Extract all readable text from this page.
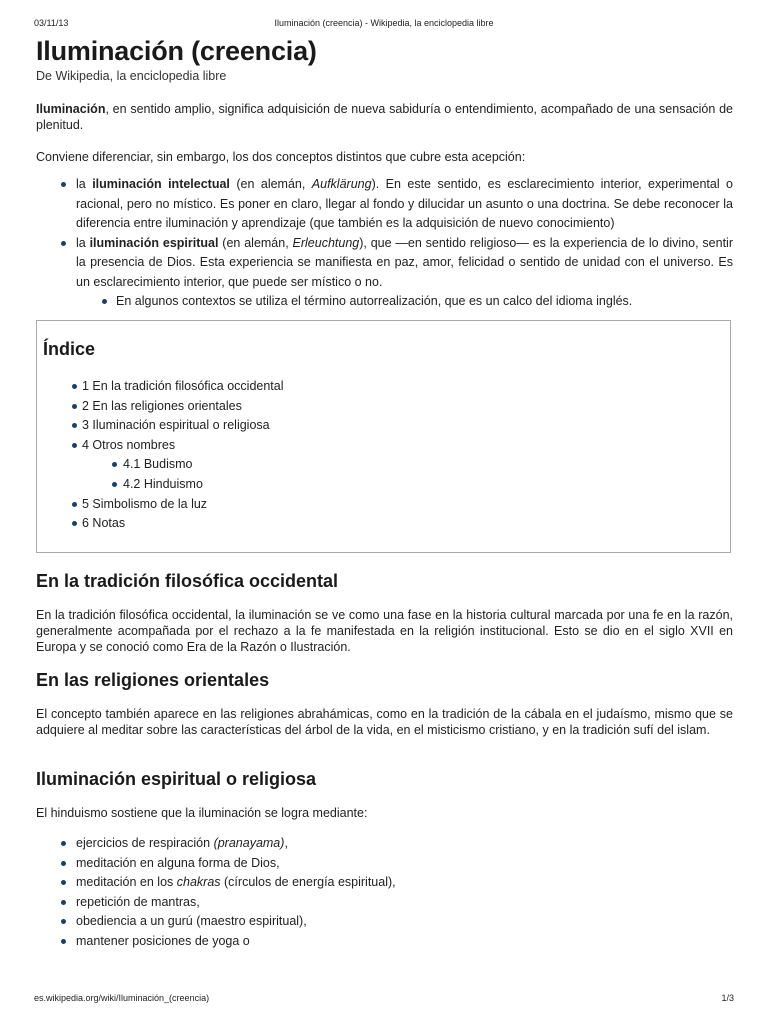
03/11/13	Iluminación (creencia) - Wikipedia, la enciclopedia libre
Iluminación (creencia)
De Wikipedia, la enciclopedia libre

Iluminación, en sentido amplio, significa adquisición de nueva sabiduría o entendimiento, acompañado de una sensación de plenitud.

Conviene diferenciar, sin embargo, los dos conceptos distintos que cubre esta acepción:

la iluminación intelectual (en alemán, Aufklärung). En este sentido, es esclarecimiento interior, experimental o racional, pero no místico. Es poner en claro, llegar al fondo y dilucidar un asunto o una doctrina. Se debe reconocer la diferencia entre iluminación y aprendizaje (que también es la adquisición de nuevo conocimiento)
la iluminación espiritual (en alemán, Erleuchtung), que —en sentido religioso— es la experiencia de lo divino, sentir la presencia de Dios. Esta experiencia se manifiesta en paz, amor, felicidad o sentido de unidad con el universo. Es un esclarecimiento interior, que puede ser místico o no.
En algunos contextos se utiliza el término autorrealización, que es un calco del idioma inglés.
Índice
1 En la tradición filosófica occidental
2 En las religiones orientales
3 Iluminación espiritual o religiosa
4 Otros nombres
4.1 Budismo
4.2 Hinduismo
5 Simbolismo de la luz
6 Notas
En la tradición filosófica occidental

En la tradición filosófica occidental, la iluminación se ve como una fase en la historia cultural marcada por una fe en la razón, generalmente acompañada por el rechazo a la fe manifestada en la religión institucional. Esto se dio en el siglo XVII en Europa y se conoció como Era de la Razón o Ilustración.

En las religiones orientales

El concepto también aparece en las religiones abrahámicas, como en la tradición de la cábala en el judaísmo, mismo que se adquiere al meditar sobre las características del árbol de la vida, en el misticismo cristiano, y en la tradición sufí del islam.

Iluminación espiritual o religiosa

El hinduismo sostiene que la iluminación se logra mediante:

ejercicios de respiración (pranayama),
meditación en alguna forma de Dios,
meditación en los chakras (círculos de energía espiritual),
repetición de mantras,
obediencia a un gurú (maestro espiritual),
mantener posiciones de yoga o
es.wikipedia.org/wiki/Iluminación_(creencia)	1/3
